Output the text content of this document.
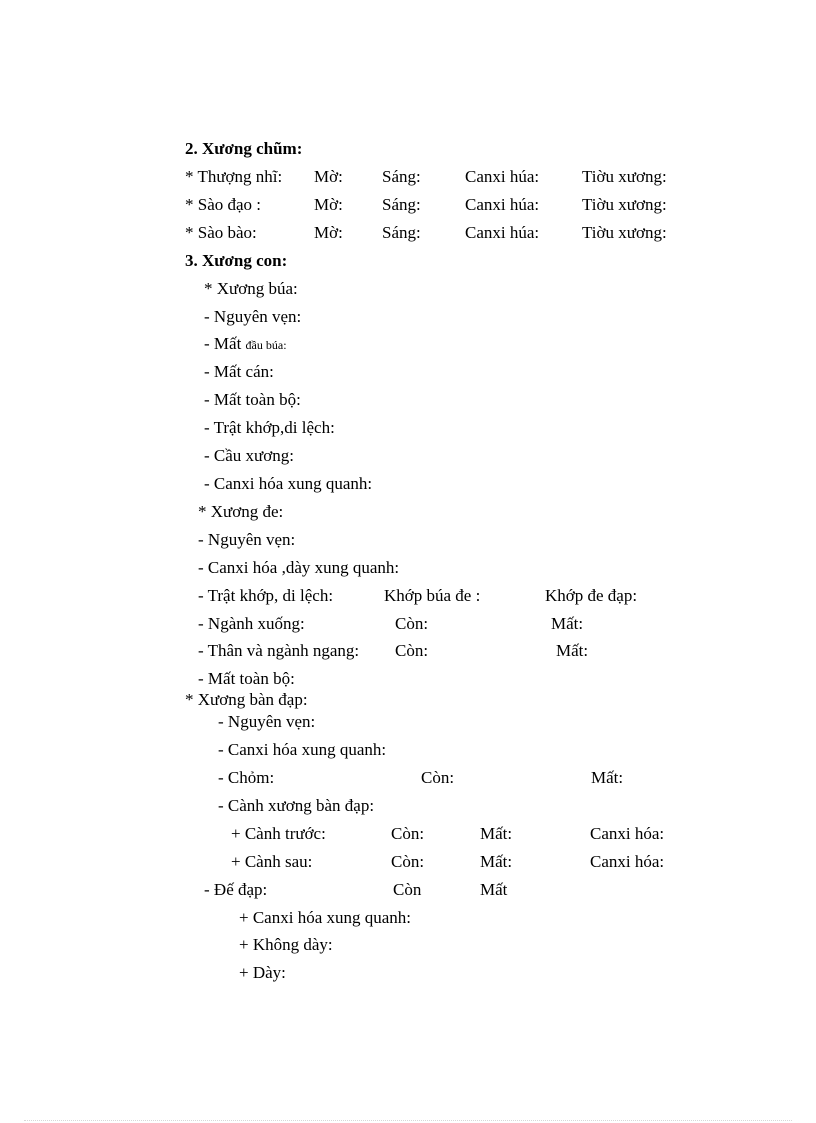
2. Xương chũm:
* Thượng nhĩ: Mờ: Sáng:	Canxi húa:	Tiờu xương:
* Sào đạo :	Mờ: Sáng:	Canxi húa:	Tiờu xương:
* Sào bào:	Mờ: Sáng:	Canxi húa:	Tiờu xương:
3. Xương con:
* Xương búa:
- Nguyên vẹn:
- Mất đầu búa:
- Mất cán:
- Mất toàn bộ:
- Trật khớp,di lệch:
- Cầu xương:
- Canxi hóa xung quanh:
* Xương đe:
- Nguyên vẹn:
- Canxi hóa ,dày xung quanh:
- Trật khớp, di lệch:	Khớp búa đe :	Khớp đe đạp:
- Ngành xuống:	Còn:	Mất:
- Thân và ngành ngang: Còn:	Mất:
- Mất toàn bộ:
* Xương bàn đạp:
- Nguyên vẹn:
- Canxi hóa xung quanh:
- Chỏm:	Còn:	Mất:
- Cành xương bàn đạp:
+ Cành trước:	Còn:	Mất:	Canxi hóa:
+ Cành sau:	Còn:	Mất:	Canxi hóa:
- Đế đạp:	Còn	Mất
+ Canxi hóa xung quanh:
+ Không dày:
+ Dày:
